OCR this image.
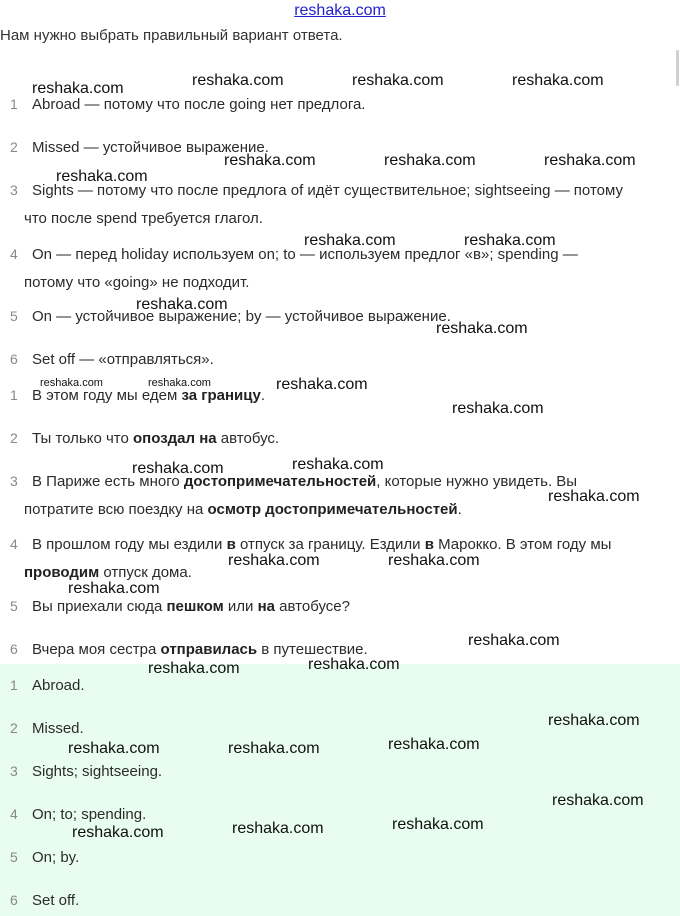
reshaka.com
Нам нужно выбрать правильный вариант ответа.
1 Abroad — потому что после going нет предлога.
2 Missed — устойчивое выражение.
3 Sights — потому что после предлога of идёт существительное; sightseeing — потому
что после spend требуется глагол.
4 On — перед holiday используем on; to — используем предлог «в»; spending —
потому что «going» не подходит.
5 On — устойчивое выражение; by — устойчивое выражение.
6 Set off — «отправляться».
1 В этом году мы едем за границу.
2 Ты только что опоздал на автобус.
3 В Париже есть много достопримечательностей, которые нужно увидеть. Вы
потратите всю поездку на осмотр достопримечательностей.
4 В прошлом году мы ездили в отпуск за границу. Ездили в Марокко. В этом году мы
проводим отпуск дома.
5 Вы приехали сюда пешком или на автобусе?
6 Вчера моя сестра отправилась в путешествие.
1 Abroad.
2 Missed.
3 Sights; sightseeing.
4 On; to; spending.
5 On; by.
6 Set off.
reshaka.com	reshaka.com	reshaka.com	reshaka.com
reshaka.com
reshaka.com	reshaka.com	reshaka.com
reshaka.com	reshaka.com
reshaka.com
reshaka.com
reshaka.com	reshaka.com	reshaka.com
reshaka.com
reshaka.com	reshaka.com
reshaka.com
reshaka.com	reshaka.com
reshaka.com
reshaka.com
reshaka.com	reshaka.com
reshaka.com
reshaka.com	reshaka.com	reshaka.com
reshaka.com
reshaka.com	reshaka.com	reshaka.com
